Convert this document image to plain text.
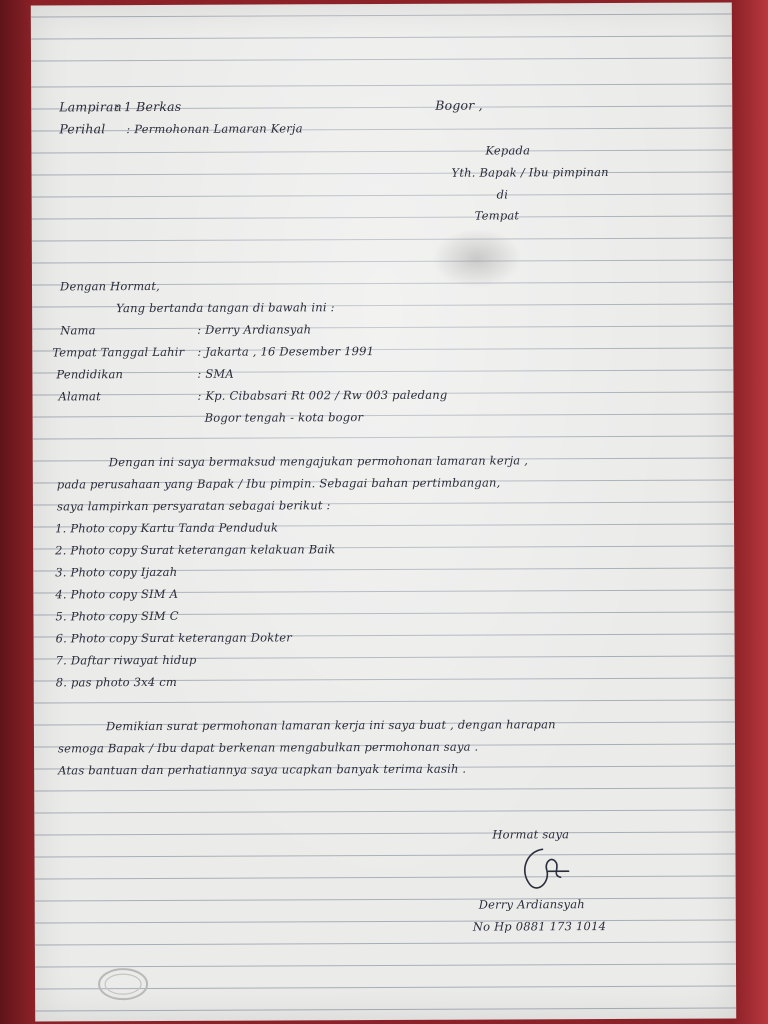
Lampiran
: 1 Berkas	Bogor ,
Perihal : Permohonan Lamaran Kerja
Kepada
Yth. Bapak / Ibu pimpinan
di
Tempat
Dengan Hormat,
Yang bertanda tangan di bawah ini :
Nama	: Derry Ardiansyah
Tempat Tanggal Lahir : Jakarta , 16 Desember 1991
Pendidikan	: SMA
Alamat	: Kp. Cibabsari Rt 002 / Rw 003 paledang
Bogor tengah - kota bogor
Dengan ini saya bermaksud mengajukan permohonan lamaran kerja ,
pada perusahaan yang Bapak / Ibu pimpin. Sebagai bahan pertimbangan,
saya lampirkan persyaratan sebagai berikut :
1. Photo copy Kartu Tanda Penduduk
2. Photo copy Surat keterangan kelakuan Baik
3. Photo copy Ijazah
4. Photo copy SIM A
5. Photo copy SIM C
6. Photo copy Surat keterangan Dokter
7. Daftar riwayat hidup
8. pas photo 3x4 cm
Demikian surat permohonan lamaran kerja ini saya buat , dengan harapan
semoga Bapak / Ibu dapat berkenan mengabulkan permohonan saya .
Atas bantuan dan perhatiannya saya ucapkan banyak terima kasih .
Hormat saya
Derry Ardiansyah
No Hp 0881 173 1014
